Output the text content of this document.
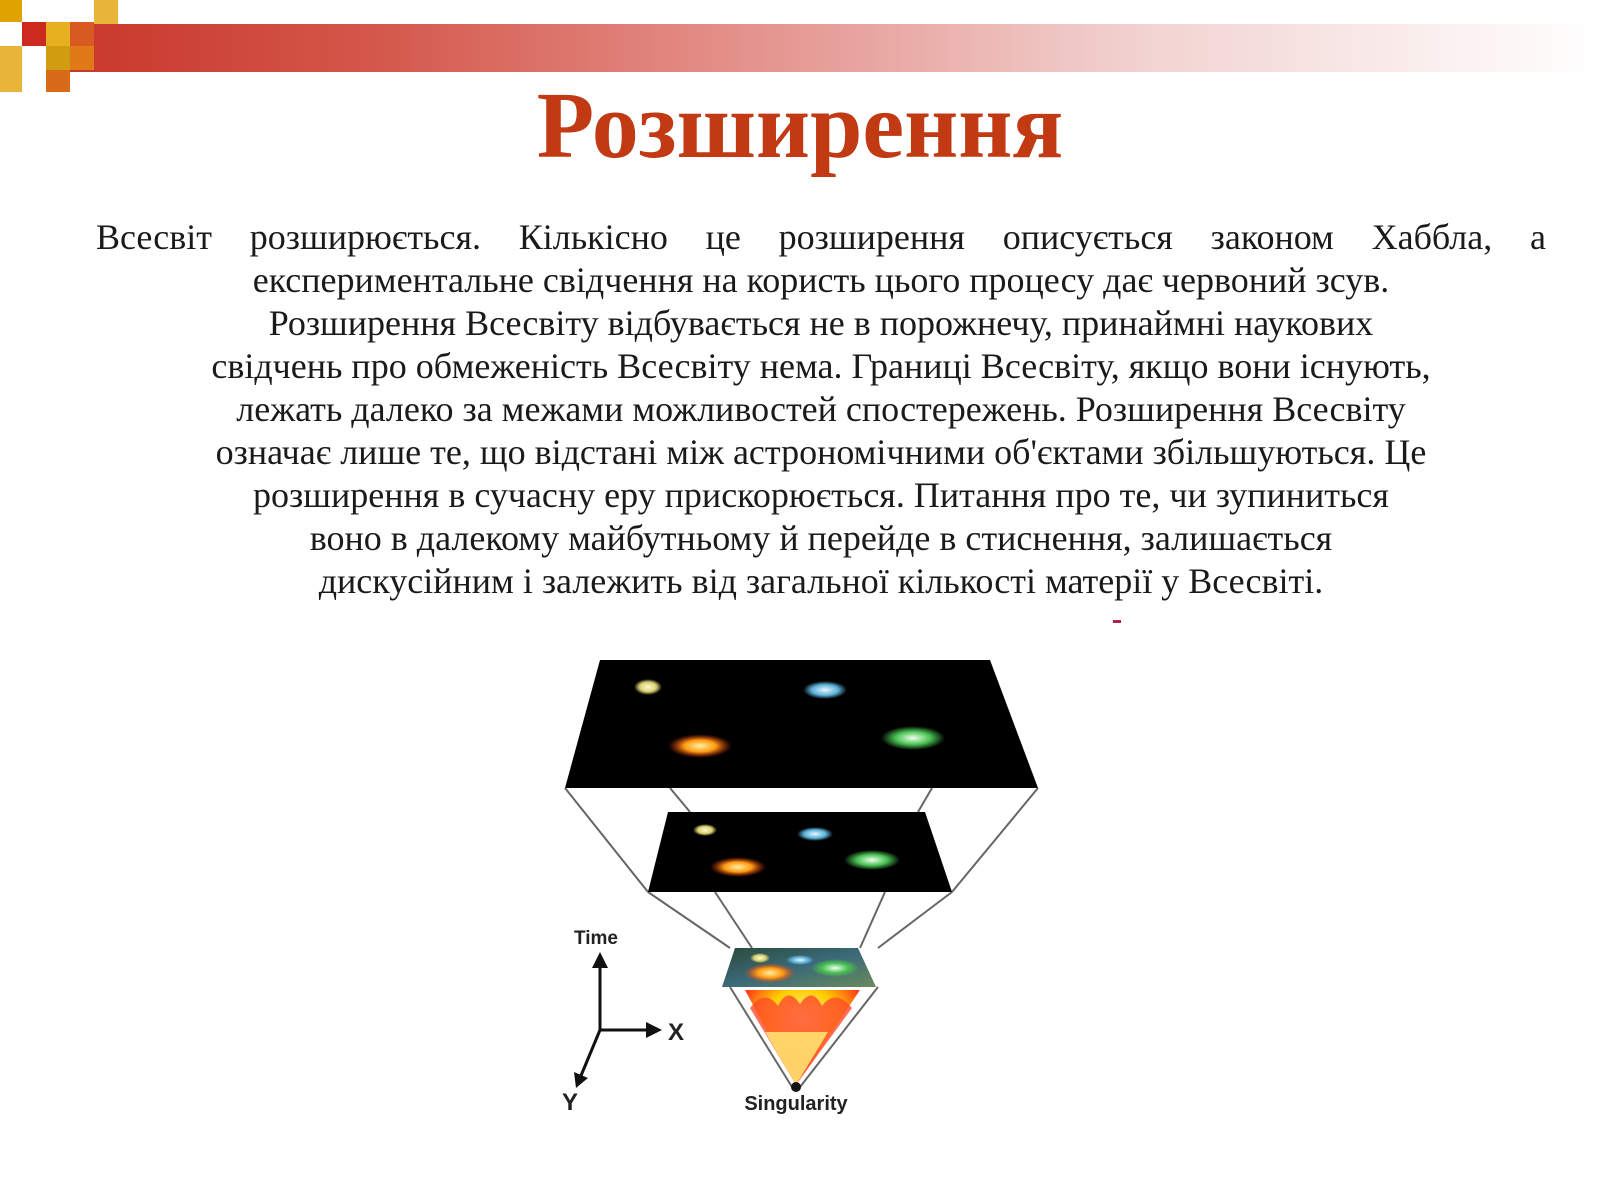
Розширення
Всесвіт розширюється. Кількісно це розширення описується законом Хаббла, а
експериментальне свідчення на користь цього процесу дає червоний зсув.
Розширення Всесвіту відбувається не в порожнечу, принаймні наукових
свідчень про обмеженість Всесвіту нема. Границі Всесвіту, якщо вони існують,
лежать далеко за межами можливостей спостережень. Розширення Всесвіту
означає лише те, що відстані між астрономічними об'єктами збільшуються. Це
розширення в сучасну еру прискорюється. Питання про те, чи зупиниться
воно в далекому майбутньому й перейде в стиснення, залишається
дискусійним і залежить від загальної кількості матерії у Всесвіті.
Time
X
Y	Singularity
